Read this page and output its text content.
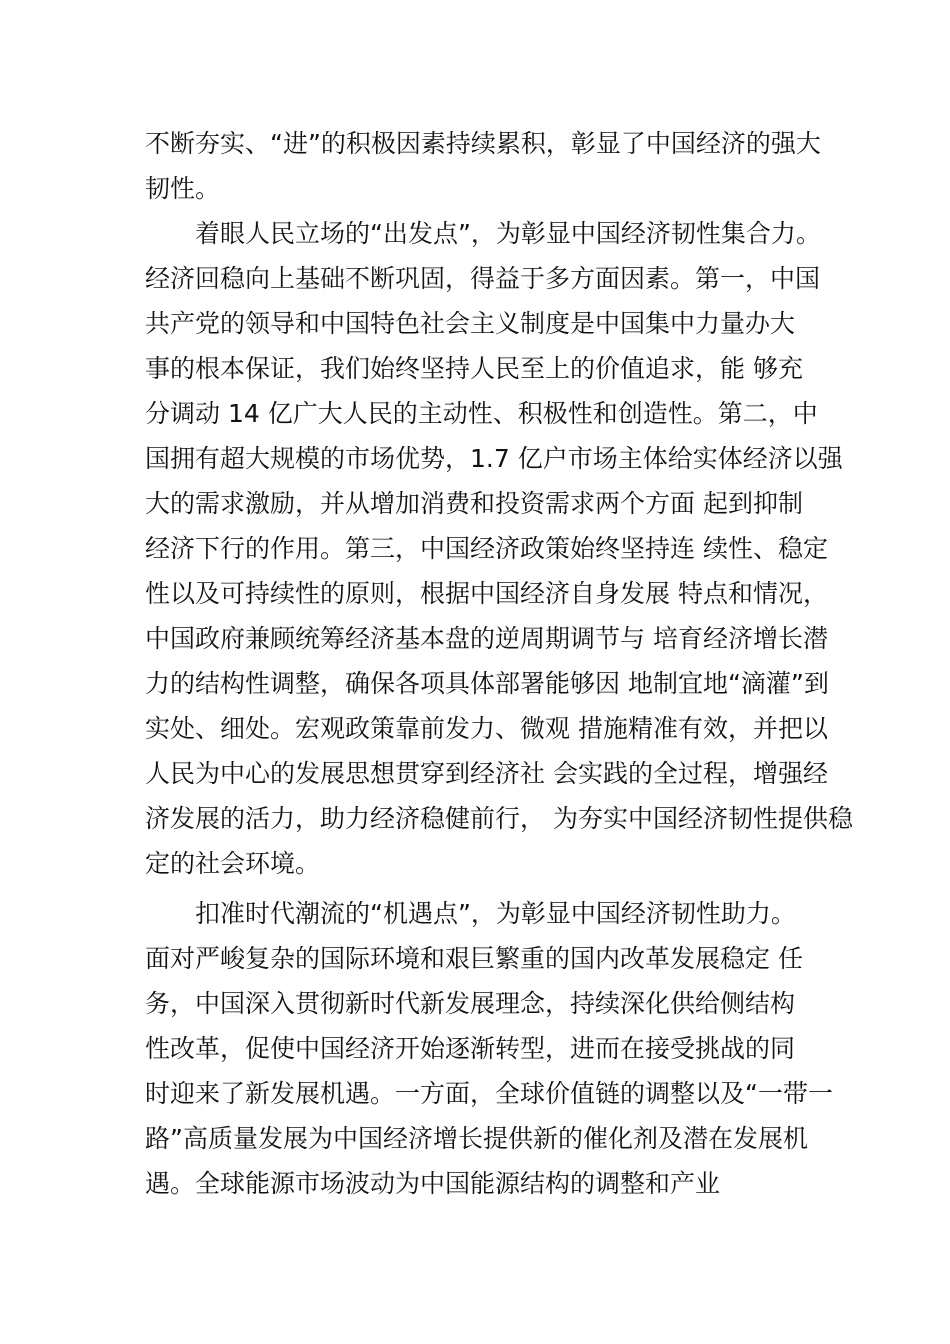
不断夯实、“进”的积极因素持续累积，彰显了中国经济的强大
韧性。
着眼人民立场的“出发点”，为彰显中国经济韧性集合力。
经济回稳向上基础不断巩固，得益于多方面因素。第一，中国
共产党的领导和中国特色社会主义制度是中国集中力量办大
事的根本保证，我们始终坚持人民至上的价值追求，能 够充
分调动 14 亿广大人民的主动性、积极性和创造性。第二，中
国拥有超大规模的市场优势，1.7 亿户市场主体给实体经济以强
大的需求激励，并从增加消费和投资需求两个方面 起到抑制
经济下行的作用。第三，中国经济政策始终坚持连 续性、稳定
性以及可持续性的原则，根据中国经济自身发展 特点和情况，
中国政府兼顾统筹经济基本盘的逆周期调节与 培育经济增长潜
力的结构性调整，确保各项具体部署能够因 地制宜地“滴灌”到
实处、细处。宏观政策靠前发力、微观 措施精准有效，并把以
人民为中心的发展思想贯穿到经济社 会实践的全过程，增强经
济发展的活力，助力经济稳健前行， 为夯实中国经济韧性提供稳
定的社会环境。
扣准时代潮流的“机遇点”，为彰显中国经济韧性助力。
面对严峻复杂的国际环境和艰巨繁重的国内改革发展稳定 任
务，中国深入贯彻新时代新发展理念，持续深化供给侧结构
性改革，促使中国经济开始逐渐转型，进而在接受挑战的同
时迎来了新发展机遇。一方面，全球价值链的调整以及“一带一
路”高质量发展为中国经济增长提供新的催化剂及潜在发展机
遇。全球能源市场波动为中国能源结构的调整和产业
